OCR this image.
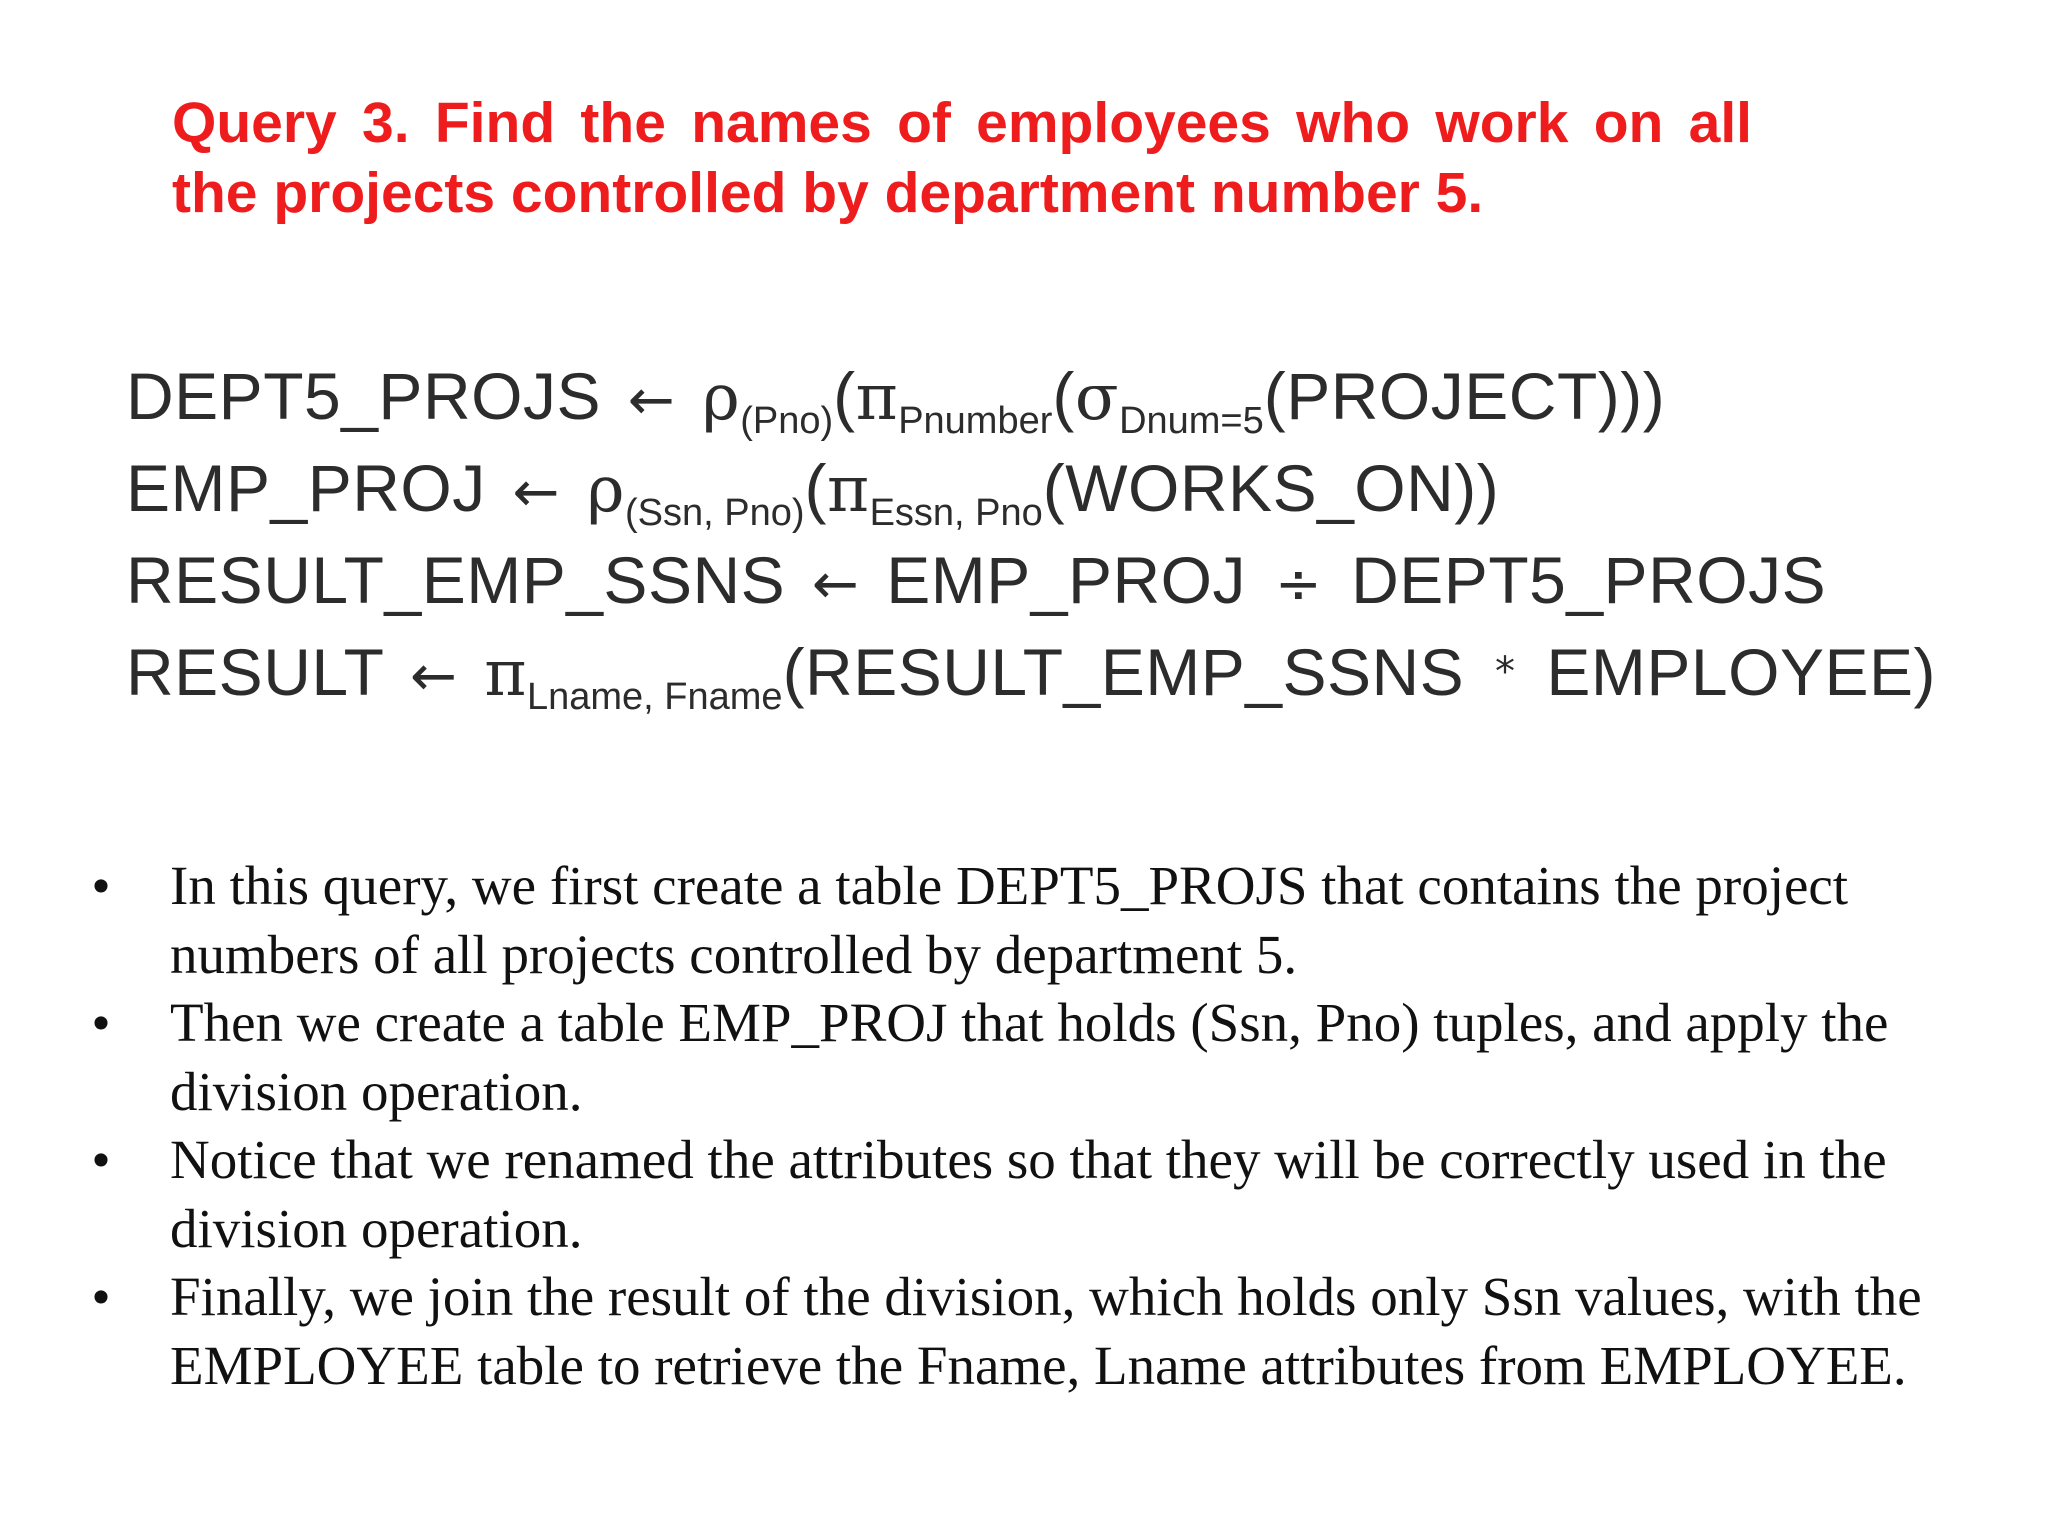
Query 3. Find the names of employees who work on all
the projects controlled by department number 5.
DEPT5_PROJS ← $\rho_{(Pno)}(\pi_{Pnumber}(\sigma_{Dnum=5}(PROJECT)))$
EMP_PROJ ← $\rho_{(Ssn, Pno)}(\pi_{Essn, Pno}(WORKS\_ON))$
RESULT_EMP_SSNS ← EMP_PROJ ÷ DEPT5_PROJS
RESULT ← $\pi_{Lname, Fname}(RESULT\_EMP\_SSNS$ * EMPLOYEE)
• In this query, we first create a table DEPT5_PROJS that contains the project numbers of all projects controlled by department 5.
• Then we create a table EMP_PROJ that holds (Ssn, Pno) tuples, and apply the division operation.
• Notice that we renamed the attributes so that they will be correctly used in the division operation.
• Finally, we join the result of the division, which holds only Ssn values, with the EMPLOYEE table to retrieve the Fname, Lname attributes from EMPLOYEE.
